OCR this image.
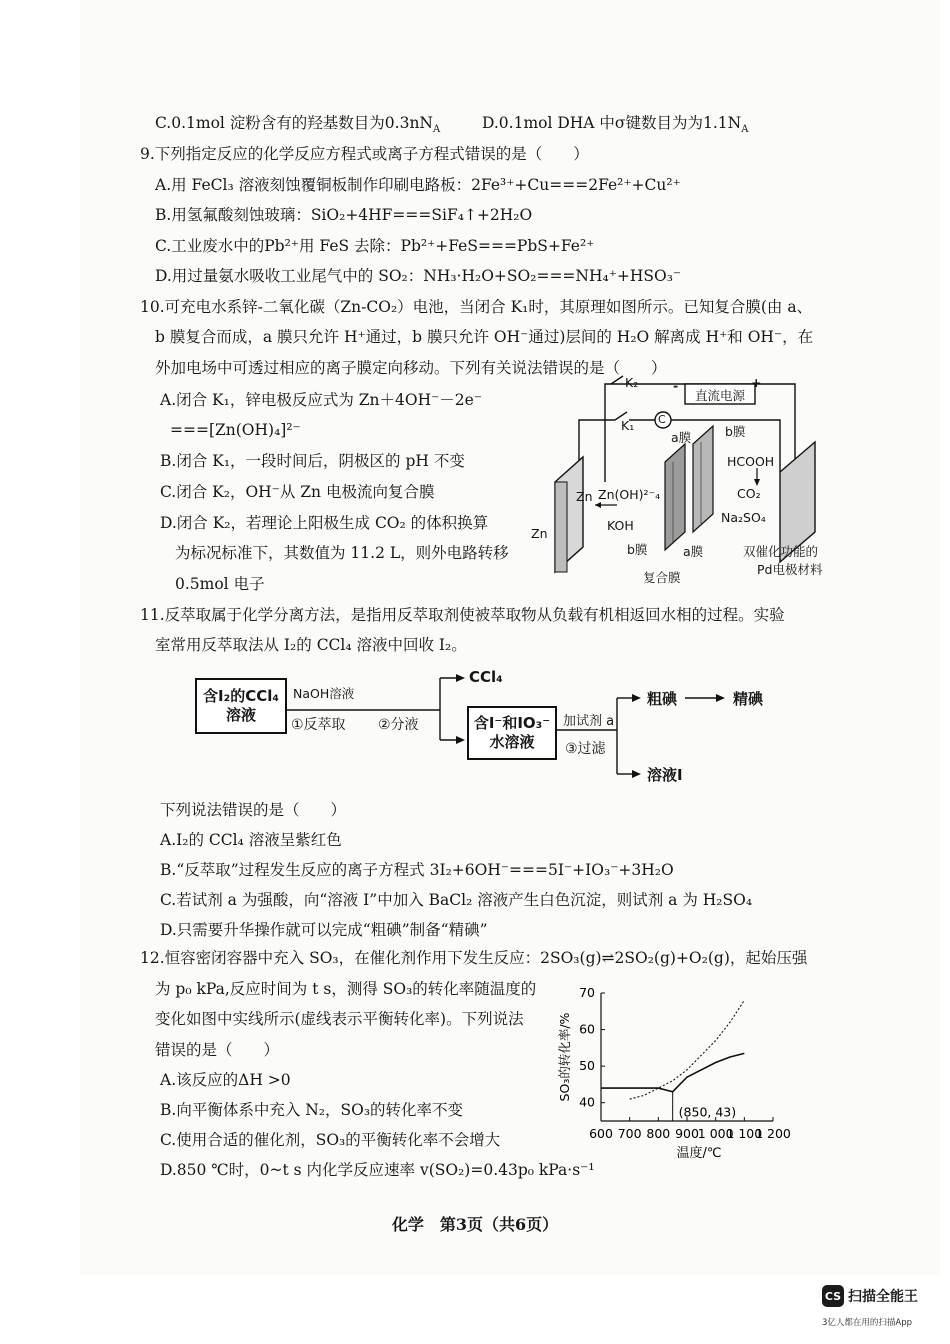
C.0.1mol 淀粉含有的羟基数目为$0.3nN_A$	D.0.1mol DHA 中σ键数目为为$1.1N_A$
9.下列指定反应的化学反应方程式或离子方程式错误的是（　　）
A.用 FeCl₃ 溶液刻蚀覆铜板制作印刷电路板：2Fe³⁺+Cu===2Fe²⁺+Cu²⁺
B.用氢氟酸刻蚀玻璃：SiO₂+4HF===SiF₄↑+2H₂O
C.工业废水中的Pb²⁺用 FeS 去除：Pb²⁺+FeS===PbS+Fe²⁺
D.用过量氨水吸收工业尾气中的 SO₂：NH₃·H₂O+SO₂===NH₄⁺+HSO₃⁻
10.可充电水系锌-二氧化碳（Zn-CO₂）电池，当闭合 K₁时，其原理如图所示。已知复合膜(由 a、
b 膜复合而成，a 膜只允许 H⁺通过，b 膜只允许 OH⁻通过)层间的 H₂O 解离成 H⁺和 OH⁻，在
外加电场中可透过相应的离子膜定向移动。下列有关说法错误的是（　　）
A.闭合 K₁，锌电极反应式为 Zn＋4OH⁻－2e⁻
===[Zn(OH)₄]²⁻
B.闭合 K₁，一段时间后，阴极区的 pH 不变
C.闭合 K₂，OH⁻从 Zn 电极流向复合膜
D.闭合 K₂，若理论上阳极生成 CO₂ 的体积换算
为标况标准下，其数值为 11.2 L，则外电路转移
0.5mol 电子
K₂	-	+
直流电源
C
K₁
a膜	b膜
Zn Zn(OH)²⁻₄
KOH
Zn
b膜	a膜
HCOOH
CO₂
Na₂SO₄
复合膜
双催化功能的
Pd电极材料
11.反萃取属于化学分离方法，是指用反萃取剂使被萃取物从负载有机相返回水相的过程。实验
室常用反萃取法从 I₂的 CCl₄ 溶液中回收 I₂。
含I₂的CCl₄
溶液
NaOH溶液
①反萃取 ②分液
CCl₄
含I⁻和IO₃⁻
水溶液
加试剂 a
③过滤
粗碘	精碘
溶液I
下列说法错误的是（　　）
A.I₂的 CCl₄ 溶液呈紫红色
B.“反萃取”过程发生反应的离子方程式 3I₂+6OH⁻===5I⁻+IO₃⁻+3H₂O
C.若试剂 a 为强酸，向“溶液 I”中加入 BaCl₂ 溶液产生白色沉淀，则试剂 a 为 H₂SO₄
D.只需要升华操作就可以完成“粗碘”制备“精碘”
12.恒容密闭容器中充入 SO₃，在催化剂作用下发生反应：2SO₃(g)⇌2SO₂(g)+O₂(g)，起始压强
为 p₀ kPa,反应时间为 t s，测得 SO₃的转化率随温度的
变化如图中实线所示(虚线表示平衡转化率)。下列说法
错误的是（　　）
A.该反应的ΔH >0
B.向平衡体系中充入 N₂，SO₃的转化率不变
C.使用合适的催化剂，SO₃的平衡转化率不会增大
D.850 ℃时，0~t s 内化学反应速率 v(SO₂)=0.43p₀ kPa·s⁻¹
600 700 800 900
1 000
1 100
1 200
40
50
60
70
(850, 43)
温度/℃
SO₃的转化率/%
化学　第3页（共6页）
CS 扫描全能王
3亿人都在用的扫描App
